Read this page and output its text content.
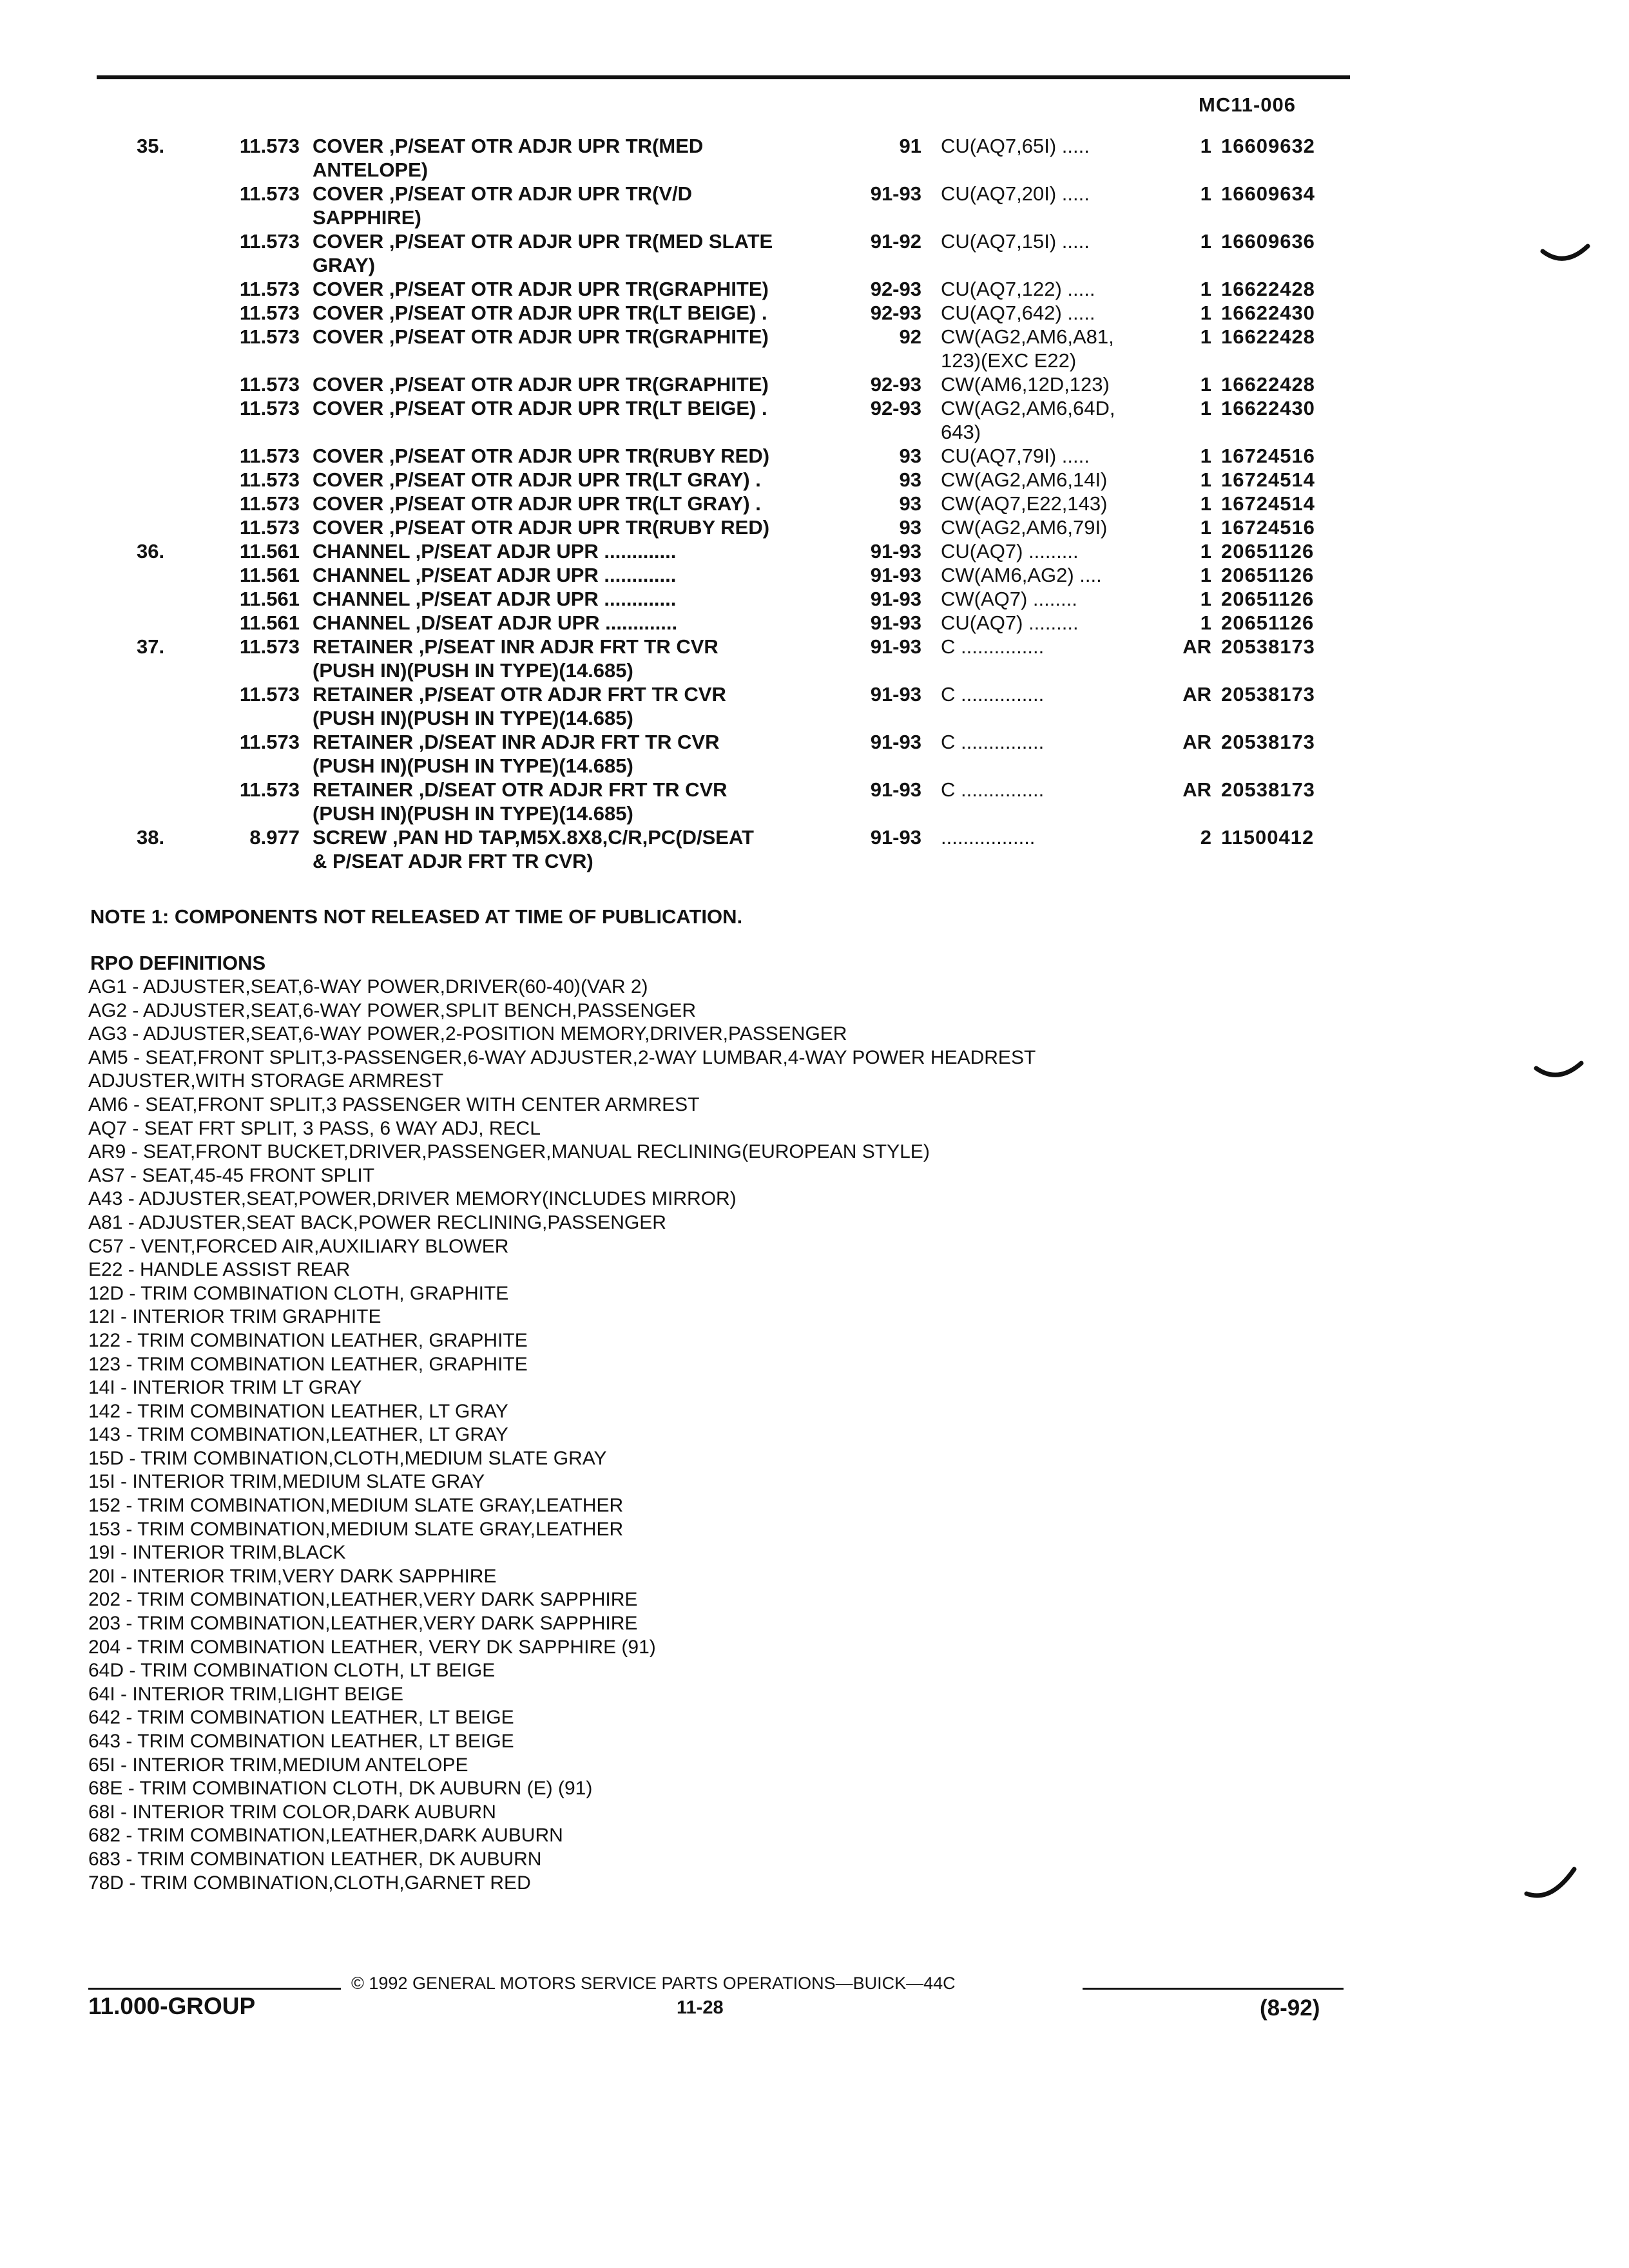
MC11-006
35.	11.573 COVER ,P/SEAT OTR ADJR UPR TR(MED
ANTELOPE)
91 CU(AQ7,65I) .....	1 16609632
11.573 COVER ,P/SEAT OTR ADJR UPR TR(V/D
SAPPHIRE)
91-93 CU(AQ7,20I) .....	1 16609634
11.573 COVER ,P/SEAT OTR ADJR UPR TR(MED SLATE
GRAY)
91-92 CU(AQ7,15I) .....	1 16609636
11.573 COVER ,P/SEAT OTR ADJR UPR TR(GRAPHITE)	92-93 CU(AQ7,122) .....	1 16622428
11.573 COVER ,P/SEAT OTR ADJR UPR TR(LT BEIGE) .	92-93 CU(AQ7,642) .....	1 16622430
11.573 COVER ,P/SEAT OTR ADJR UPR TR(GRAPHITE)	92 CW(AG2,AM6,A81,
123)(EXC E22)
1 16622428
11.573 COVER ,P/SEAT OTR ADJR UPR TR(GRAPHITE)	92-93 CW(AM6,12D,123)	1 16622428
11.573 COVER ,P/SEAT OTR ADJR UPR TR(LT BEIGE) .	92-93 CW(AG2,AM6,64D,
643)
1 16622430
11.573 COVER ,P/SEAT OTR ADJR UPR TR(RUBY RED)	93 CU(AQ7,79I) .....	1 16724516
11.573 COVER ,P/SEAT OTR ADJR UPR TR(LT GRAY) .	93 CW(AG2,AM6,14I)	1 16724514
11.573 COVER ,P/SEAT OTR ADJR UPR TR(LT GRAY) .	93 CW(AQ7,E22,143)	1 16724514
11.573 COVER ,P/SEAT OTR ADJR UPR TR(RUBY RED)	93 CW(AG2,AM6,79I)	1 16724516
36.	11.561 CHANNEL ,P/SEAT ADJR UPR .............	91-93 CU(AQ7) .........	1 20651126
11.561 CHANNEL ,P/SEAT ADJR UPR .............	91-93 CW(AM6,AG2) ....	1 20651126
11.561 CHANNEL ,P/SEAT ADJR UPR .............	91-93 CW(AQ7) ........	1 20651126
11.561 CHANNEL ,D/SEAT ADJR UPR .............	91-93 CU(AQ7) .........	1 20651126
37.	11.573 RETAINER ,P/SEAT INR ADJR FRT TR CVR
(PUSH IN)(PUSH IN TYPE)(14.685)
91-93 C ...............	AR 20538173
11.573 RETAINER ,P/SEAT OTR ADJR FRT TR CVR
(PUSH IN)(PUSH IN TYPE)(14.685)
91-93 C ...............	AR 20538173
11.573 RETAINER ,D/SEAT INR ADJR FRT TR CVR
(PUSH IN)(PUSH IN TYPE)(14.685)
91-93 C ...............	AR 20538173
11.573 RETAINER ,D/SEAT OTR ADJR FRT TR CVR
(PUSH IN)(PUSH IN TYPE)(14.685)
91-93 C ...............	AR 20538173
38.	8.977 SCREW ,PAN HD TAP,M5X.8X8,C/R,PC(D/SEAT
& P/SEAT ADJR FRT TR CVR)
91-93 .................	2 11500412
NOTE 1: COMPONENTS NOT RELEASED AT TIME OF PUBLICATION.
RPO DEFINITIONS
AG1 - ADJUSTER,SEAT,6-WAY POWER,DRIVER(60-40)(VAR 2)
AG2 - ADJUSTER,SEAT,6-WAY POWER,SPLIT BENCH,PASSENGER
AG3 - ADJUSTER,SEAT,6-WAY POWER,2-POSITION MEMORY,DRIVER,PASSENGER
AM5 - SEAT,FRONT SPLIT,3-PASSENGER,6-WAY ADJUSTER,2-WAY LUMBAR,4-WAY POWER HEADREST
ADJUSTER,WITH STORAGE ARMREST
AM6 - SEAT,FRONT SPLIT,3 PASSENGER WITH CENTER ARMREST
AQ7 - SEAT FRT SPLIT, 3 PASS, 6 WAY ADJ, RECL
AR9 - SEAT,FRONT BUCKET,DRIVER,PASSENGER,MANUAL RECLINING(EUROPEAN STYLE)
AS7 - SEAT,45-45 FRONT SPLIT
A43 - ADJUSTER,SEAT,POWER,DRIVER MEMORY(INCLUDES MIRROR)
A81 - ADJUSTER,SEAT BACK,POWER RECLINING,PASSENGER
C57 - VENT,FORCED AIR,AUXILIARY BLOWER
E22 - HANDLE ASSIST REAR
12D - TRIM COMBINATION CLOTH, GRAPHITE
12I - INTERIOR TRIM GRAPHITE
122 - TRIM COMBINATION LEATHER, GRAPHITE
123 - TRIM COMBINATION LEATHER, GRAPHITE
14I - INTERIOR TRIM LT GRAY
142 - TRIM COMBINATION LEATHER, LT GRAY
143 - TRIM COMBINATION,LEATHER, LT GRAY
15D - TRIM COMBINATION,CLOTH,MEDIUM SLATE GRAY
15I - INTERIOR TRIM,MEDIUM SLATE GRAY
152 - TRIM COMBINATION,MEDIUM SLATE GRAY,LEATHER
153 - TRIM COMBINATION,MEDIUM SLATE GRAY,LEATHER
19I - INTERIOR TRIM,BLACK
20I - INTERIOR TRIM,VERY DARK SAPPHIRE
202 - TRIM COMBINATION,LEATHER,VERY DARK SAPPHIRE
203 - TRIM COMBINATION,LEATHER,VERY DARK SAPPHIRE
204 - TRIM COMBINATION LEATHER, VERY DK SAPPHIRE (91)
64D - TRIM COMBINATION CLOTH, LT BEIGE
64I - INTERIOR TRIM,LIGHT BEIGE
642 - TRIM COMBINATION LEATHER, LT BEIGE
643 - TRIM COMBINATION LEATHER, LT BEIGE
65I - INTERIOR TRIM,MEDIUM ANTELOPE
68E - TRIM COMBINATION CLOTH, DK AUBURN (E) (91)
68I - INTERIOR TRIM COLOR,DARK AUBURN
682 - TRIM COMBINATION,LEATHER,DARK AUBURN
683 - TRIM COMBINATION LEATHER, DK AUBURN
78D - TRIM COMBINATION,CLOTH,GARNET RED
© 1992 GENERAL MOTORS SERVICE PARTS OPERATIONS—BUICK—44C
11.000-GROUP	11-28	(8-92)
